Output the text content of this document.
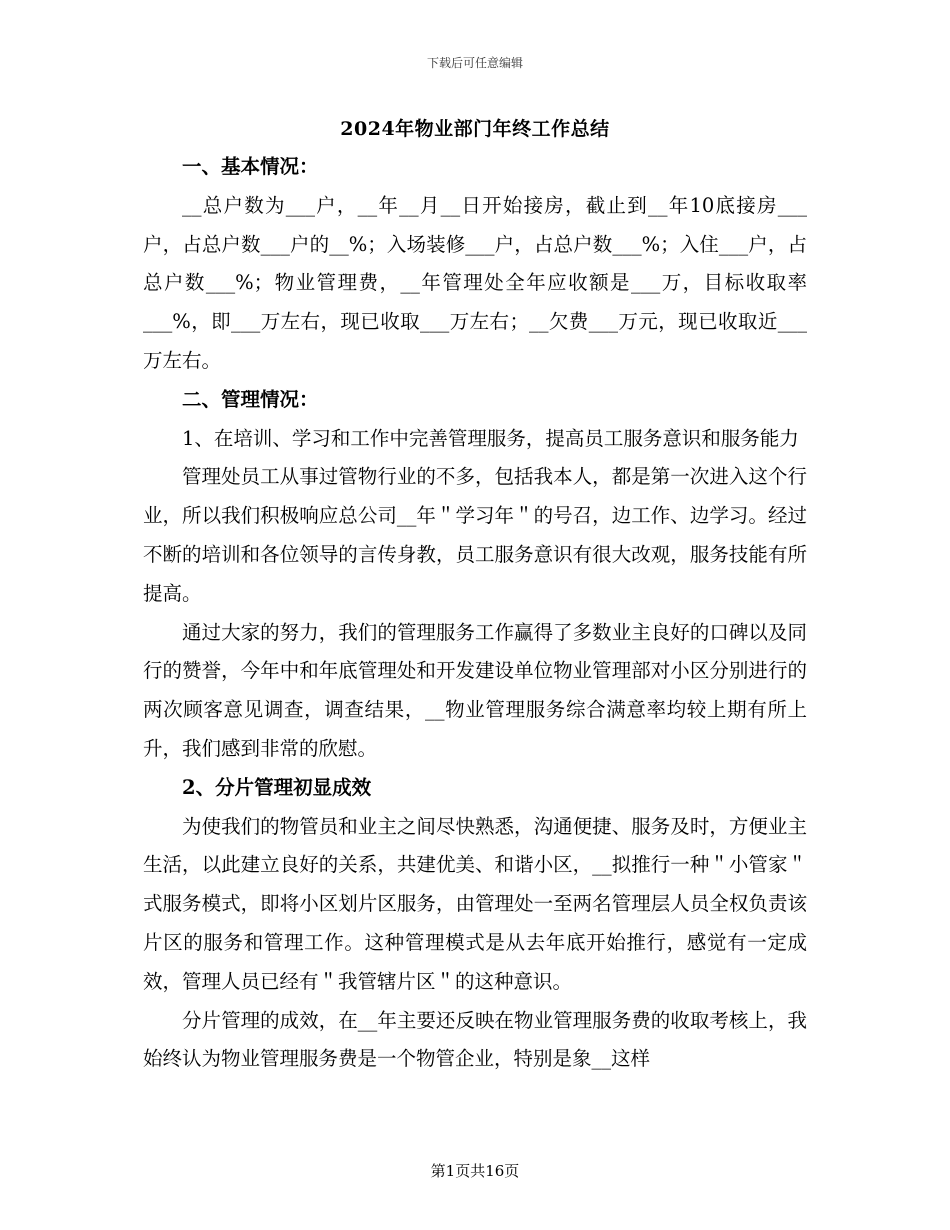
下载后可任意编辑
2024年物业部门年终工作总结

一、基本情况：

__总户数为___户，__年__月__日开始接房，截止到__年10底接房___户，占总户数___户的__%；入场装修___户，占总户数___%；入住___户，占总户数___%；物业管理费，__年管理处全年应收额是___万，目标收取率___%，即___万左右，现已收取___万左右；__欠费___万元，现已收取近___万左右。

二、管理情况：

1、在培训、学习和工作中完善管理服务，提高员工服务意识和服务能力

管理处员工从事过管物行业的不多，包括我本人，都是第一次进入这个行业，所以我们积极响应总公司__年＂学习年＂的号召，边工作、边学习。经过不断的培训和各位领导的言传身教，员工服务意识有很大改观，服务技能有所提高。

通过大家的努力，我们的管理服务工作赢得了多数业主良好的口碑以及同行的赞誉，今年中和年底管理处和开发建设单位物业管理部对小区分别进行的两次顾客意见调查，调查结果，__物业管理服务综合满意率均较上期有所上升，我们感到非常的欣慰。

2、分片管理初显成效

为使我们的物管员和业主之间尽快熟悉，沟通便捷、服务及时，方便业主生活，以此建立良好的关系，共建优美、和谐小区，__拟推行一种＂小管家＂式服务模式，即将小区划片区服务，由管理处一至两名管理层人员全权负责该片区的服务和管理工作。这种管理模式是从去年底开始推行，感觉有一定成效，管理人员已经有＂我管辖片区＂的这种意识。

分片管理的成效，在__年主要还反映在物业管理服务费的收取考核上，我始终认为物业管理服务费是一个物管企业，特别是象__这样

第1页共16页
